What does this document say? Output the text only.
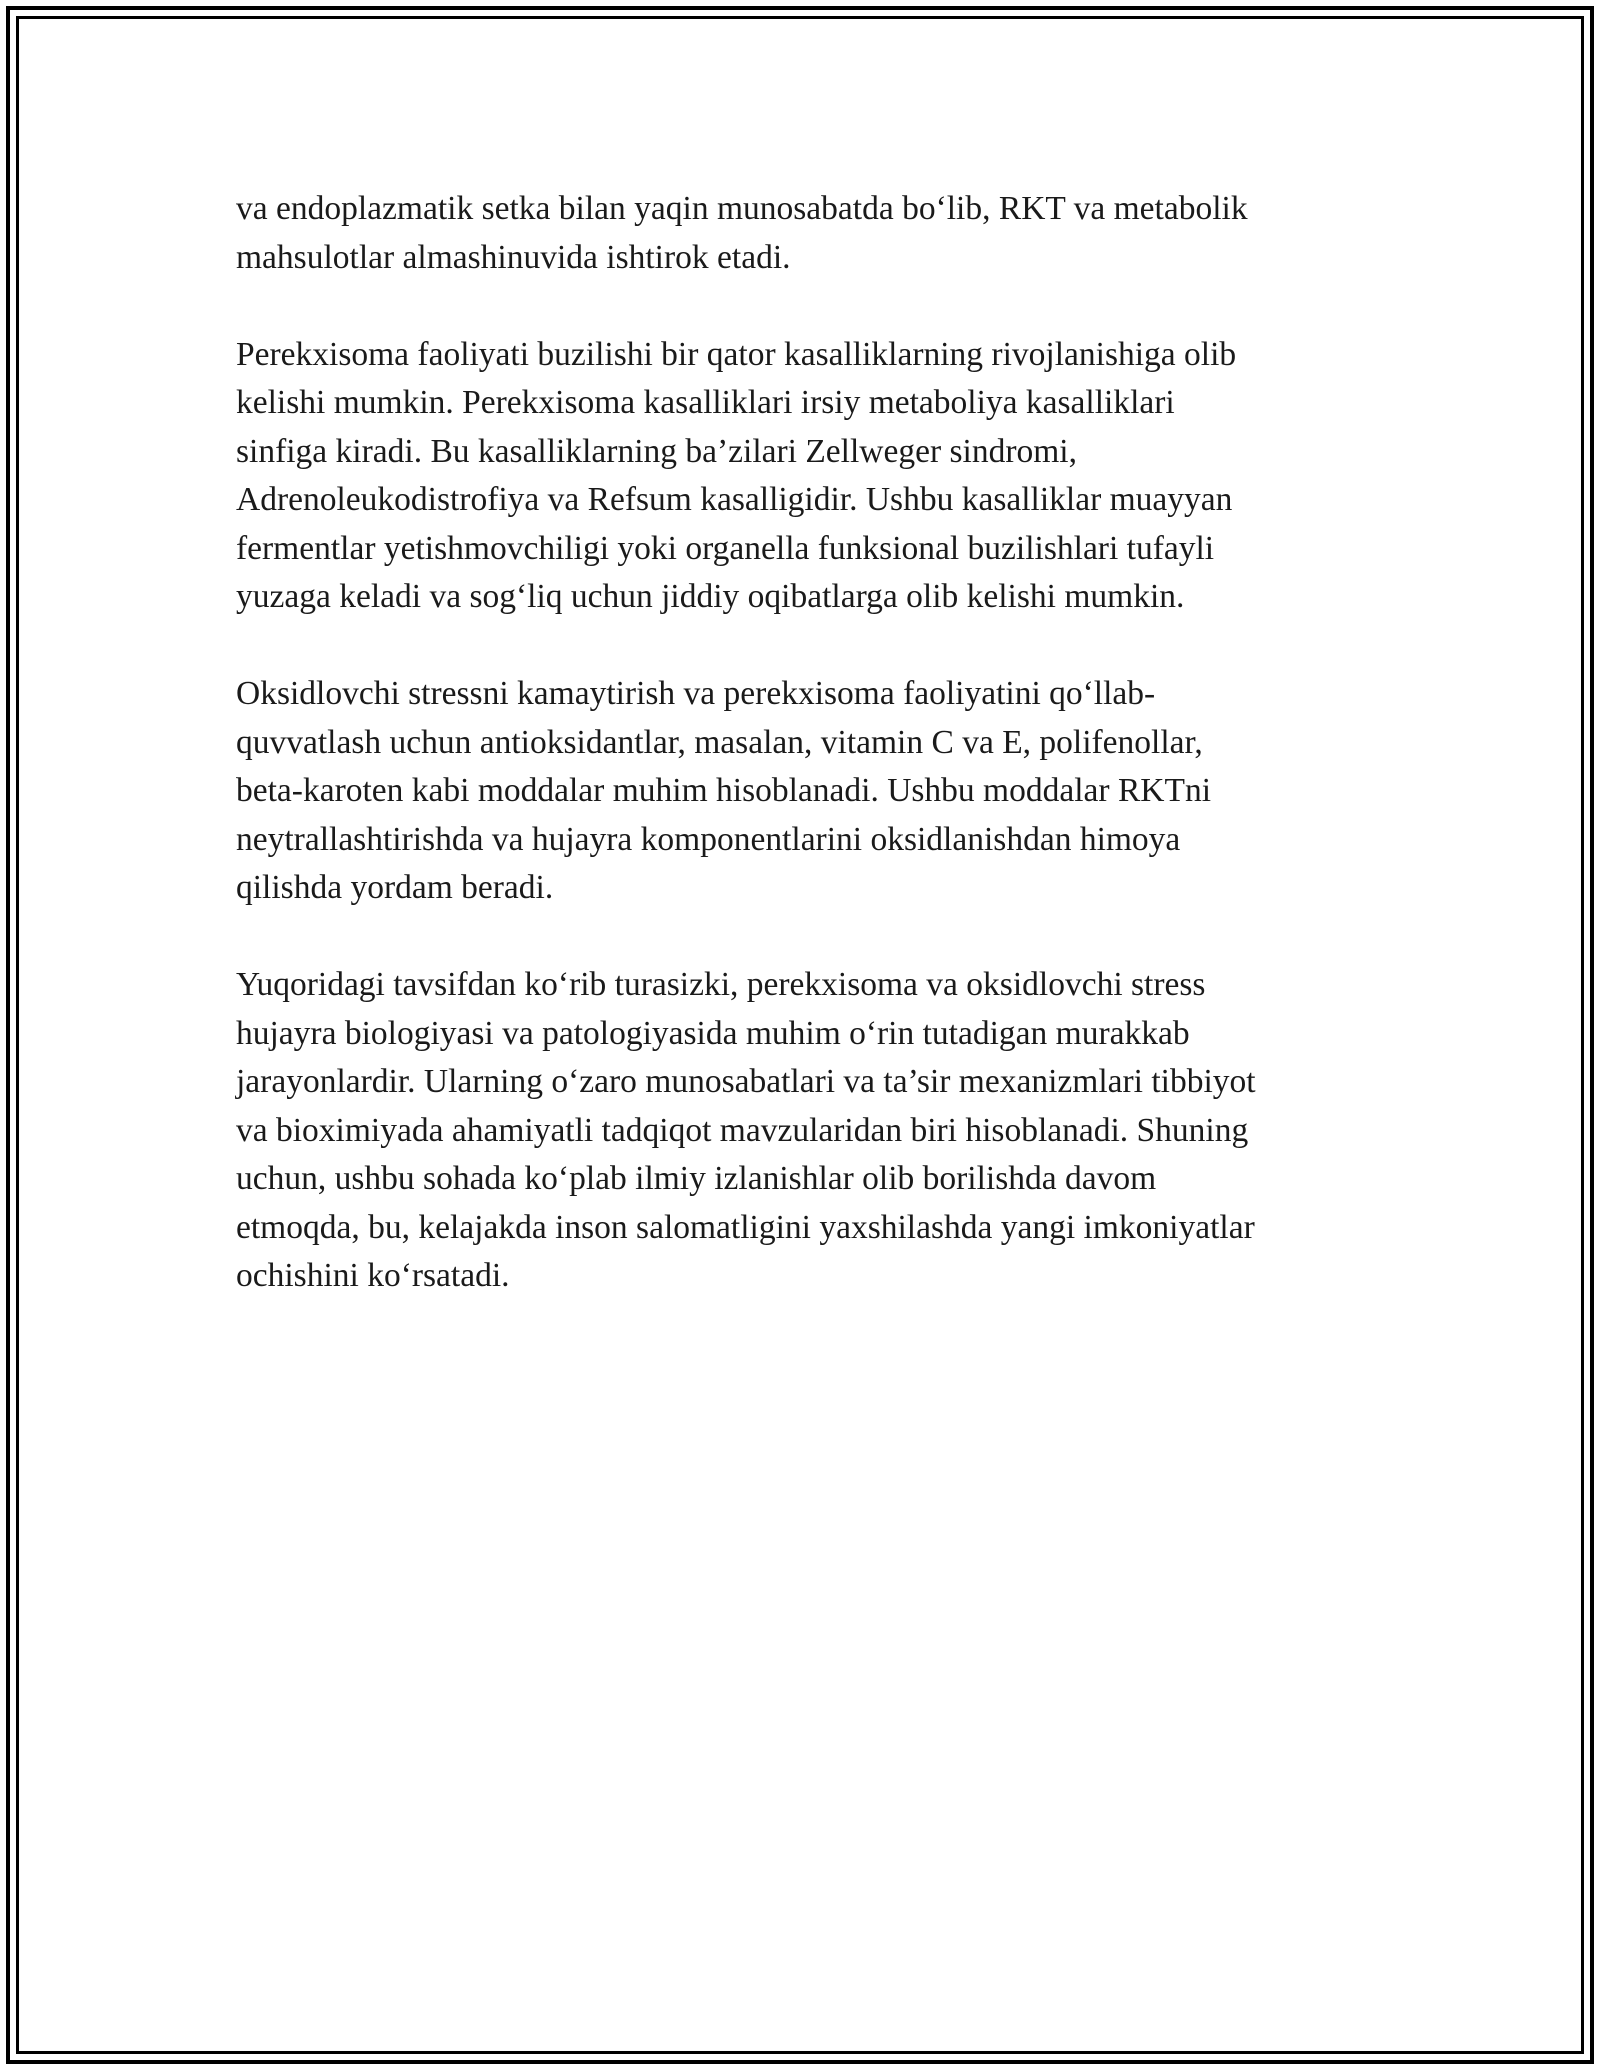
va endoplazmatik setka bilan yaqin munosabatda bo‘lib, RKT va metabolik
mahsulotlar almashinuvida ishtirok etadi.

Perekxisoma faoliyati buzilishi bir qator kasalliklarning rivojlanishiga olib
kelishi mumkin. Perekxisoma kasalliklari irsiy metaboliya kasalliklari
sinfiga kiradi. Bu kasalliklarning ba’zilari Zellweger sindromi,
Adrenoleukodistrofiya va Refsum kasalligidir. Ushbu kasalliklar muayyan
fermentlar yetishmovchiligi yoki organella funksional buzilishlari tufayli
yuzaga keladi va sog‘liq uchun jiddiy oqibatlarga olib kelishi mumkin.

Oksidlovchi stressni kamaytirish va perekxisoma faoliyatini qo‘llab-
quvvatlash uchun antioksidantlar, masalan, vitamin C va E, polifenollar,
beta-karoten kabi moddalar muhim hisoblanadi. Ushbu moddalar RKTni
neytrallashtirishda va hujayra komponentlarini oksidlanishdan himoya
qilishda yordam beradi.

Yuqoridagi tavsifdan ko‘rib turasizki, perekxisoma va oksidlovchi stress
hujayra biologiyasi va patologiyasida muhim o‘rin tutadigan murakkab
jarayonlardir. Ularning o‘zaro munosabatlari va ta’sir mexanizmlari tibbiyot
va bioximiyada ahamiyatli tadqiqot mavzularidan biri hisoblanadi. Shuning
uchun, ushbu sohada ko‘plab ilmiy izlanishlar olib borilishda davom
etmoqda, bu, kelajakda inson salomatligini yaxshilashda yangi imkoniyatlar
ochishini ko‘rsatadi.
